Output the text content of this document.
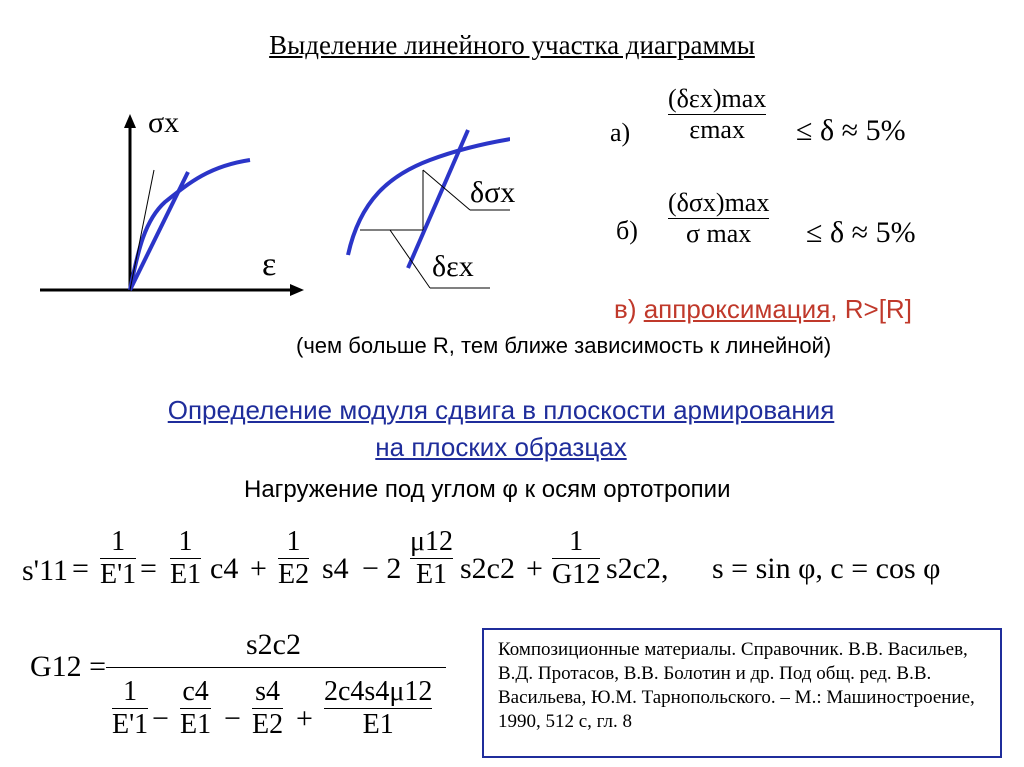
Выделение линейного участка диаграммы
σx
ε
δσx
δεx
а)
(δεx)max
εmax ≤ δ ≈ 5%
б)
(δσx)max
σ max ≤ δ ≈ 5%
в) аппроксимация, R>[R]
(чем больше R, тем ближе зависимость к линейной)
Определение модуля сдвига в плоскости армирования
на плоских образцах
Нагружение под углом φ к осям ортотропии
s'11 =
1
E'1 =
1
E1 c4 +
1
E2 s4 − 2
μ12
E1 s2c2 +
1
G12 s2c2, s = sin φ, c = cos φ
G12 =
s2c2
1
E'1 −
c4
E1 −
s4
E2 +
2c4s4μ12
E1
Композиционные материалы. Справочник. В.В. Васильев, В.Д. Протасов, В.В. Болотин и др. Под общ. ред. В.В. Васильева, Ю.М. Тарнопольского. – М.: Машиностроение, 1990, 512 с, гл. 8
